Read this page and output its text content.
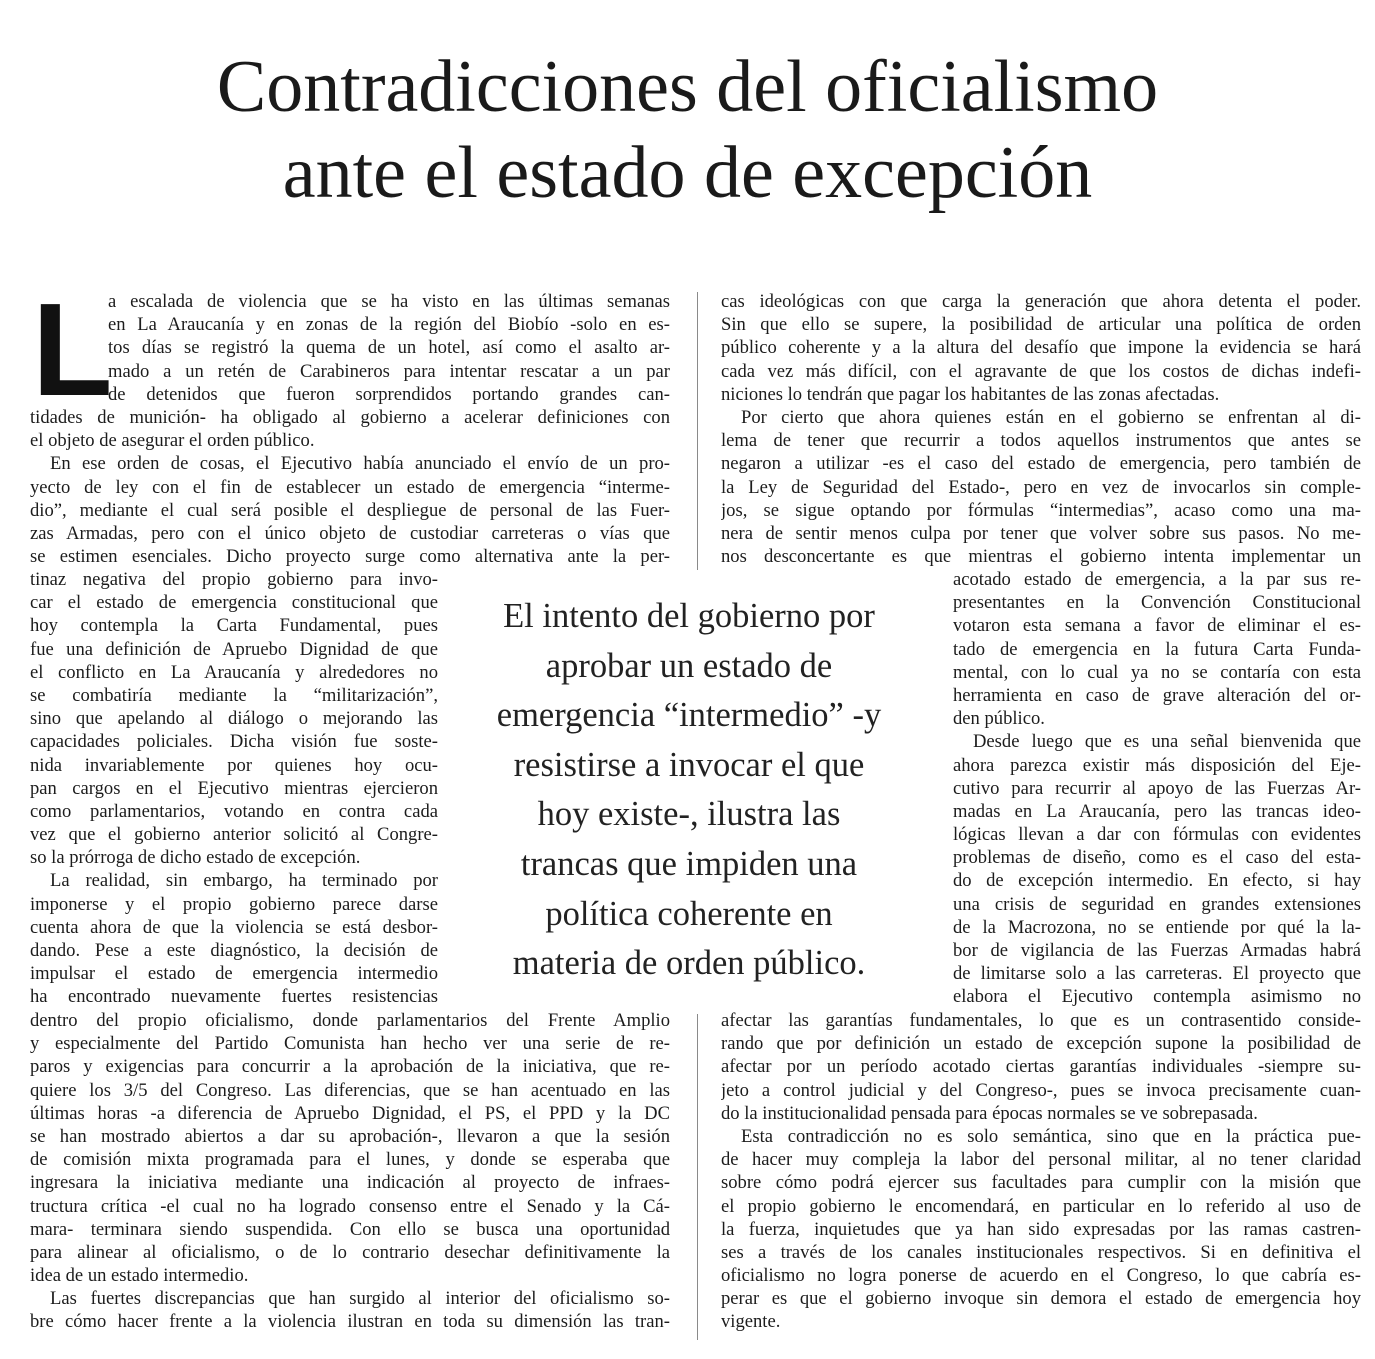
Contradicciones del oficialismo
ante el estado de excepción
L
a escalada de violencia que se ha visto en las últimas semanas
en La Araucanía y en zonas de la región del Biobío -solo en es-
tos días se registró la quema de un hotel, así como el asalto ar-
mado a un retén de Carabineros para intentar rescatar a un par
de detenidos que fueron sorprendidos portando grandes can-
tidades de munición- ha obligado al gobierno a acelerar definiciones con
el objeto de asegurar el orden público.
En ese orden de cosas, el Ejecutivo había anunciado el envío de un pro-
yecto de ley con el fin de establecer un estado de emergencia “interme-
dio”, mediante el cual será posible el despliegue de personal de las Fuer-
zas Armadas, pero con el único objeto de custodiar carreteras o vías que
se estimen esenciales. Dicho proyecto surge como alternativa ante la per-
tinaz negativa del propio gobierno para invo-
car el estado de emergencia constitucional que
hoy contempla la Carta Fundamental, pues
fue una definición de Apruebo Dignidad de que
el conflicto en La Araucanía y alrededores no
se combatiría mediante la “militarización”,
sino que apelando al diálogo o mejorando las
capacidades policiales. Dicha visión fue soste-
nida invariablemente por quienes hoy ocu-
pan cargos en el Ejecutivo mientras ejercieron
como parlamentarios, votando en contra cada
vez que el gobierno anterior solicitó al Congre-
so la prórroga de dicho estado de excepción.
La realidad, sin embargo, ha terminado por
imponerse y el propio gobierno parece darse
cuenta ahora de que la violencia se está desbor-
dando. Pese a este diagnóstico, la decisión de
impulsar el estado de emergencia intermedio
ha encontrado nuevamente fuertes resistencias
dentro del propio oficialismo, donde parlamentarios del Frente Amplio
y especialmente del Partido Comunista han hecho ver una serie de re-
paros y exigencias para concurrir a la aprobación de la iniciativa, que re-
quiere los 3/5 del Congreso. Las diferencias, que se han acentuado en las
últimas horas -a diferencia de Apruebo Dignidad, el PS, el PPD y la DC
se han mostrado abiertos a dar su aprobación-, llevaron a que la sesión
de comisión mixta programada para el lunes, y donde se esperaba que
ingresara la iniciativa mediante una indicación al proyecto de infraes-
tructura crítica -el cual no ha logrado consenso entre el Senado y la Cá-
mara- terminara siendo suspendida. Con ello se busca una oportunidad
para alinear al oficialismo, o de lo contrario desechar definitivamente la
idea de un estado intermedio.
Las fuertes discrepancias que han surgido al interior del oficialismo so-
bre cómo hacer frente a la violencia ilustran en toda su dimensión las tran-
cas ideológicas con que carga la generación que ahora detenta el poder.
Sin que ello se supere, la posibilidad de articular una política de orden
público coherente y a la altura del desafío que impone la evidencia se hará
cada vez más difícil, con el agravante de que los costos de dichas indefi-
niciones lo tendrán que pagar los habitantes de las zonas afectadas.
Por cierto que ahora quienes están en el gobierno se enfrentan al di-
lema de tener que recurrir a todos aquellos instrumentos que antes se
negaron a utilizar -es el caso del estado de emergencia, pero también de
la Ley de Seguridad del Estado-, pero en vez de invocarlos sin comple-
jos, se sigue optando por fórmulas “intermedias”, acaso como una ma-
nera de sentir menos culpa por tener que volver sobre sus pasos. No me-
nos desconcertante es que mientras el gobierno intenta implementar un
acotado estado de emergencia, a la par sus re-
presentantes en la Convención Constitucional
votaron esta semana a favor de eliminar el es-
tado de emergencia en la futura Carta Funda-
mental, con lo cual ya no se contaría con esta
herramienta en caso de grave alteración del or-
den público.
Desde luego que es una señal bienvenida que
ahora parezca existir más disposición del Eje-
cutivo para recurrir al apoyo de las Fuerzas Ar-
madas en La Araucanía, pero las trancas ideo-
lógicas llevan a dar con fórmulas con evidentes
problemas de diseño, como es el caso del esta-
do de excepción intermedio. En efecto, si hay
una crisis de seguridad en grandes extensiones
de la Macrozona, no se entiende por qué la la-
bor de vigilancia de las Fuerzas Armadas habrá
de limitarse solo a las carreteras. El proyecto que
elabora el Ejecutivo contempla asimismo no
afectar las garantías fundamentales, lo que es un contrasentido conside-
rando que por definición un estado de excepción supone la posibilidad de
afectar por un período acotado ciertas garantías individuales -siempre su-
jeto a control judicial y del Congreso-, pues se invoca precisamente cuan-
do la institucionalidad pensada para épocas normales se ve sobrepasada.
Esta contradicción no es solo semántica, sino que en la práctica pue-
de hacer muy compleja la labor del personal militar, al no tener claridad
sobre cómo podrá ejercer sus facultades para cumplir con la misión que
el propio gobierno le encomendará, en particular en lo referido al uso de
la fuerza, inquietudes que ya han sido expresadas por las ramas castren-
ses a través de los canales institucionales respectivos. Si en definitiva el
oficialismo no logra ponerse de acuerdo en el Congreso, lo que cabría es-
perar es que el gobierno invoque sin demora el estado de emergencia hoy
vigente.
El intento del gobierno por
aprobar un estado de
emergencia “intermedio” -y
resistirse a invocar el que
hoy existe-, ilustra las
trancas que impiden una
política coherente en
materia de orden público.
